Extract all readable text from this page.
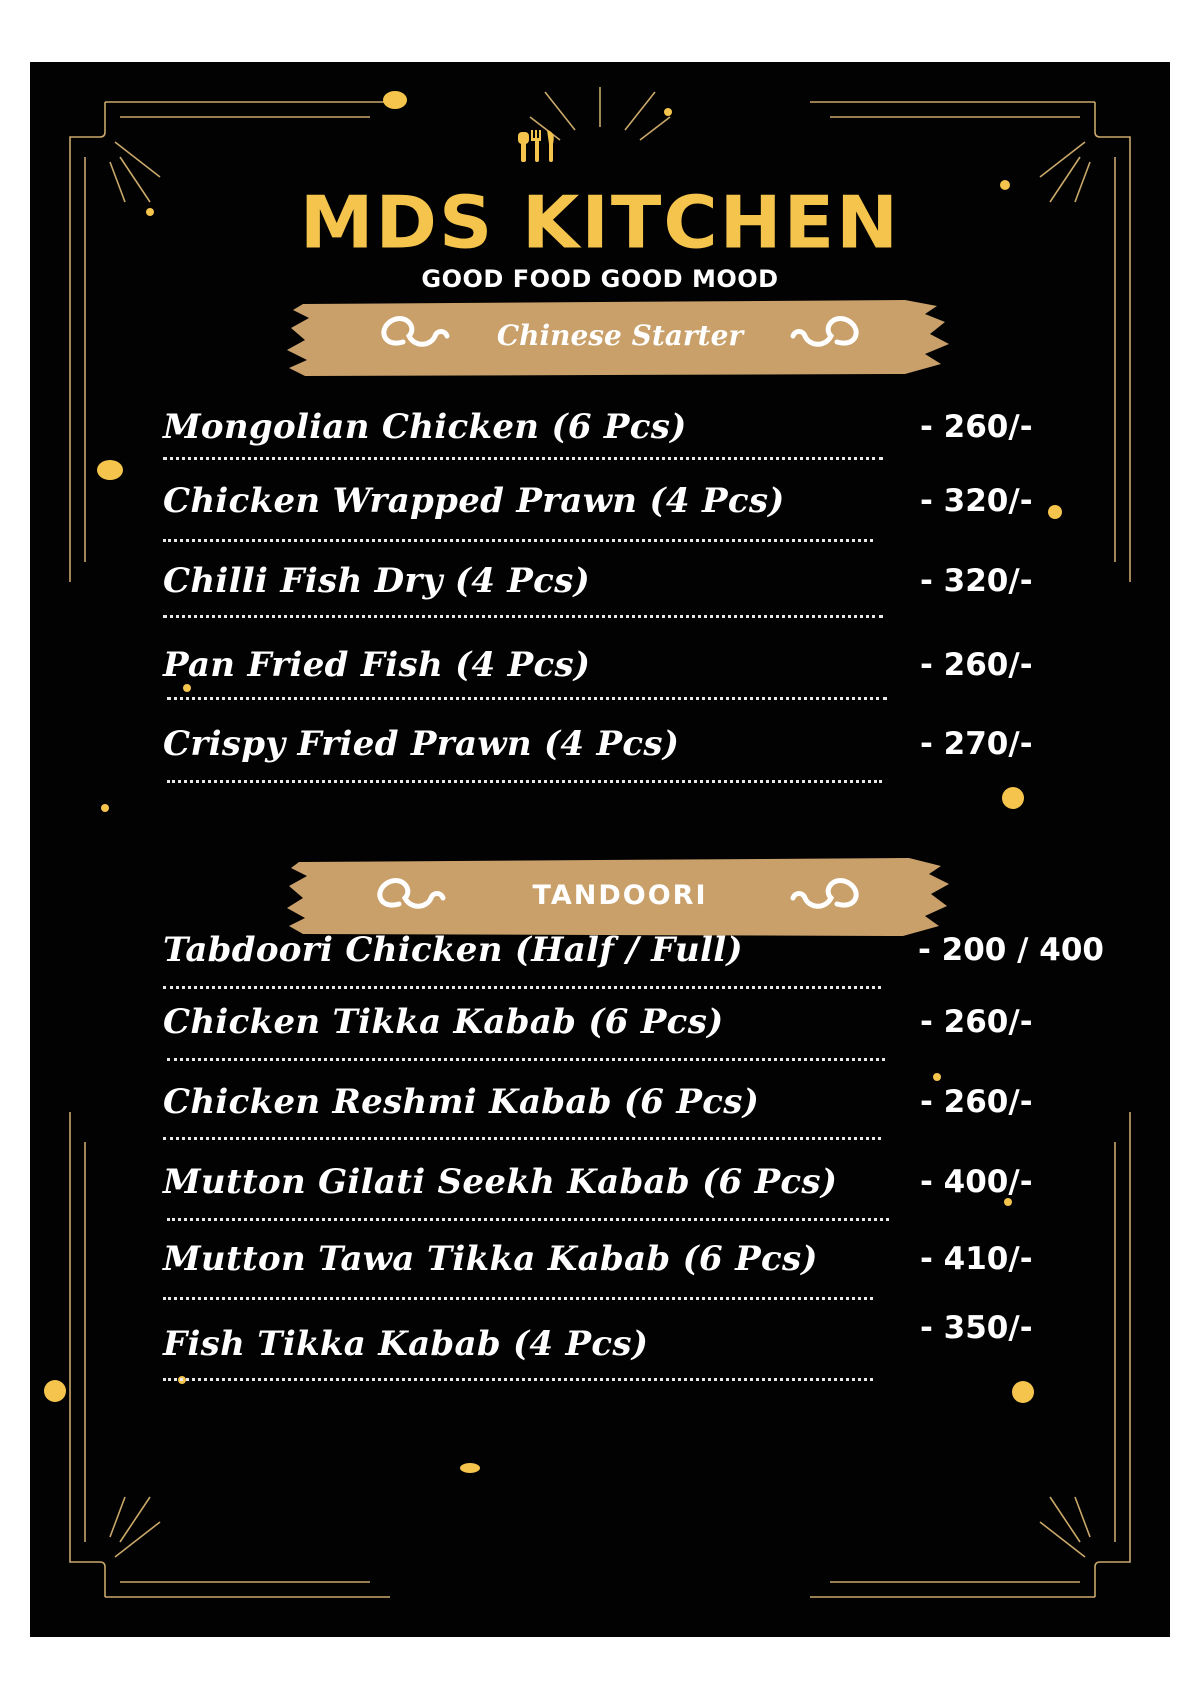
MDS KITCHEN
GOOD FOOD GOOD MOOD
Chinese Starter
Mongolian Chicken (6 Pcs)	- 260/-
Chicken Wrapped Prawn (4 Pcs)	- 320/-
Chilli Fish Dry (4 Pcs)	- 320/-
Pan Fried Fish (4 Pcs)	- 260/-
Crispy Fried Prawn (4 Pcs)	- 270/-
TANDOORI
Tabdoori Chicken (Half / Full)	- 200 / 400
Chicken Tikka Kabab (6 Pcs)	- 260/-
Chicken Reshmi Kabab (6 Pcs)	- 260/-
Mutton Gilati Seekh Kabab (6 Pcs)	- 400/-
Mutton Tawa Tikka Kabab (6 Pcs)	- 410/-
Fish Tikka Kabab (4 Pcs)	- 350/-
